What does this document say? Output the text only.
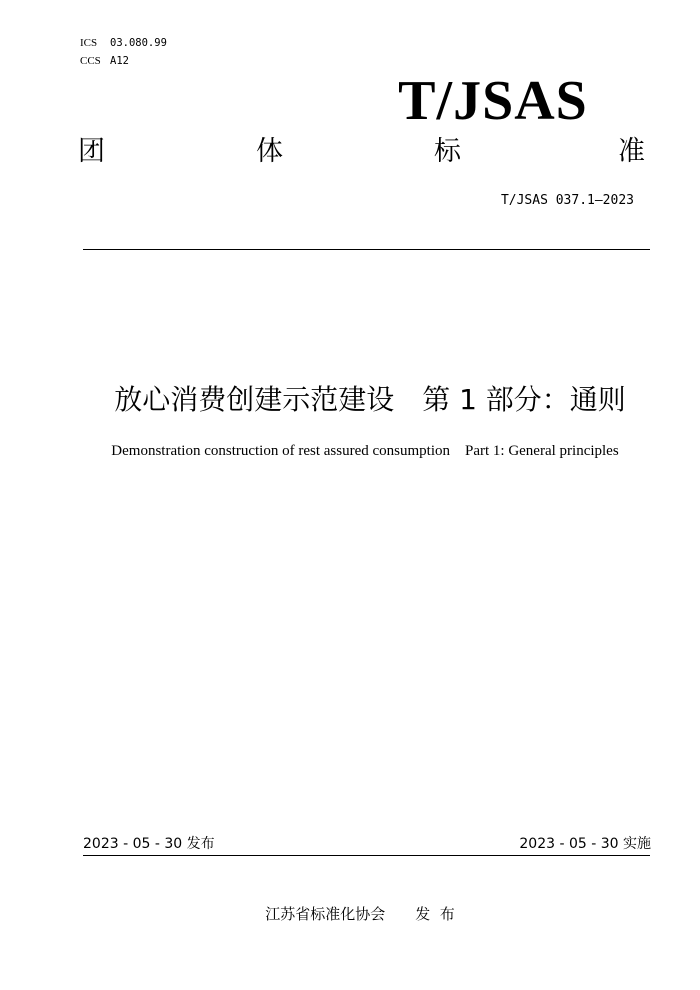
ICS 03.080.99
CCS A12
T/JSAS
团	体	标	准
T/JSAS 037.1—2023
放心消费创建示范建设　第 1 部分：通则
Demonstration construction of rest assured consumption    Part 1: General principles
2023 - 05 - 30 发布	2023 - 05 - 30 实施
江苏省标准化协会　　发  布
